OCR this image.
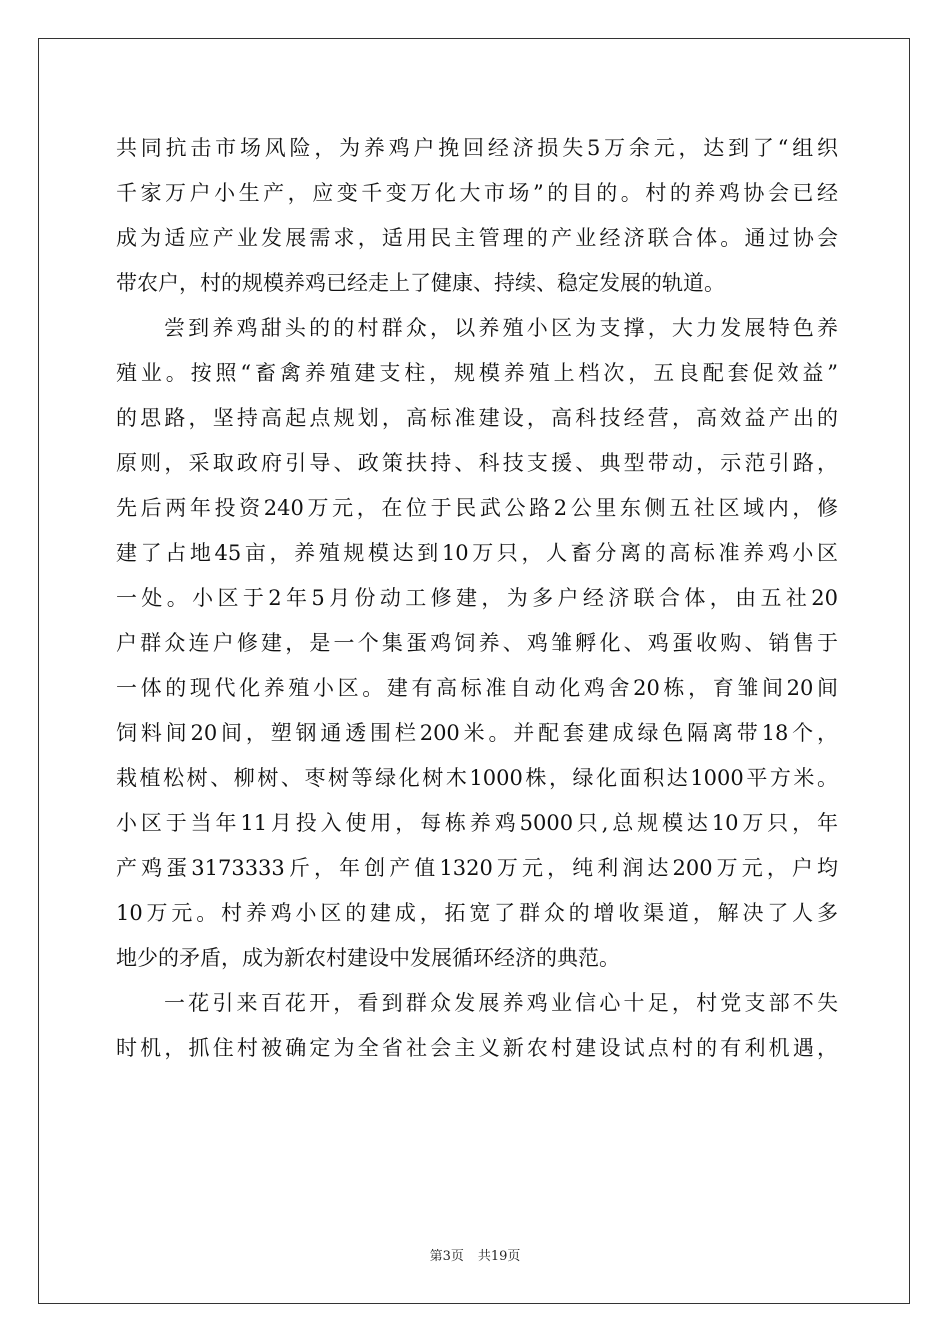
共同抗击市场风险，为养鸡户挽回经济损失5万余元，达到了“组织
千家万户小生产，应变千变万化大市场”的目的。村的养鸡协会已经
成为适应产业发展需求，适用民主管理的产业经济联合体。通过协会
带农户，村的规模养鸡已经走上了健康、持续、稳定发展的轨道。
尝到养鸡甜头的的村群众，以养殖小区为支撑，大力发展特色养
殖业。按照“畜禽养殖建支柱，规模养殖上档次，五良配套促效益”
的思路，坚持高起点规划，高标准建设，高科技经营，高效益产出的
原则，采取政府引导、政策扶持、科技支援、典型带动，示范引路，
先后两年投资240万元，在位于民武公路2公里东侧五社区域内，修
建了占地45亩，养殖规模达到10万只，人畜分离的高标准养鸡小区
一处。小区于2年5月份动工修建，为多户经济联合体，由五社20
户群众连户修建，是一个集蛋鸡饲养、鸡雏孵化、鸡蛋收购、销售于
一体的现代化养殖小区。建有高标准自动化鸡舍20栋，育雏间20间
饲料间20间，塑钢通透围栏200米。并配套建成绿色隔离带18个，
栽植松树、柳树、枣树等绿化树木1000株，绿化面积达1000平方米。
小区于当年11月投入使用，每栋养鸡5000只,总规模达10万只，年
产鸡蛋3173333斤，年创产值1320万元，纯利润达200万元，户均
10万元。村养鸡小区的建成，拓宽了群众的增收渠道，解决了人多
地少的矛盾，成为新农村建设中发展循环经济的典范。
一花引来百花开，看到群众发展养鸡业信心十足，村党支部不失
时机，抓住村被确定为全省社会主义新农村建设试点村的有利机遇，
第3页 共19页
